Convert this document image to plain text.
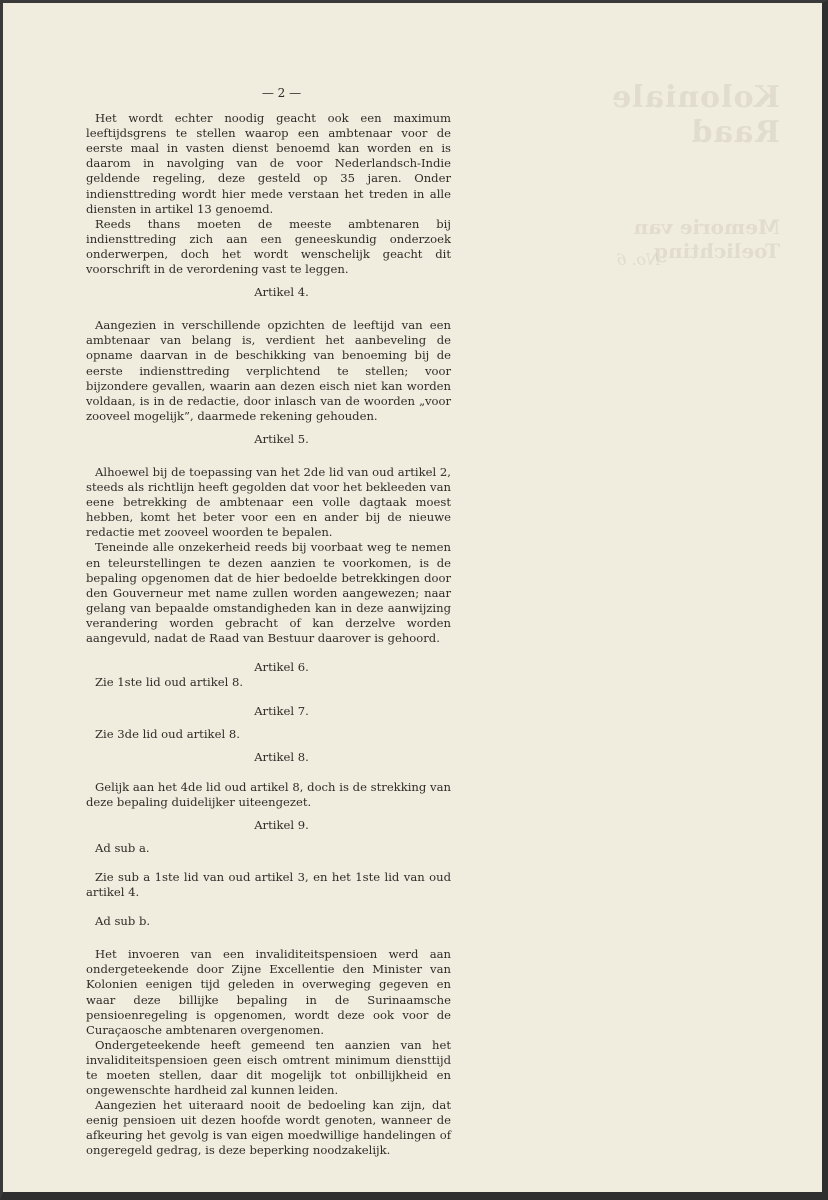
Koloniale Raad
Memorie van Toelichting
No. 6
— 2 —

Het wordt echter noodig geacht ook een maximum leeftijdsgrens te stellen waarop een ambtenaar voor de eerste maal in vasten dienst benoemd kan worden en is daarom in navolging van de voor Nederlandsch-Indie geldende regeling, deze gesteld op 35 jaren. Onder indiensttreding wordt hier mede verstaan het treden in alle diensten in artikel 13 genoemd.

Reeds thans moeten de meeste ambtenaren bij indiensttreding zich aan een geneeskundig onderzoek onderwerpen, doch het wordt wenschelijk geacht dit voorschrift in de verordening vast te leggen.

Artikel 4.

Aangezien in verschillende opzichten de leeftijd van een ambtenaar van belang is, verdient het aanbeveling de opname daarvan in de beschikking van benoeming bij de eerste indiensttreding verplichtend te stellen; voor bijzondere gevallen, waarin aan dezen eisch niet kan worden voldaan, is in de redactie, door inlasch van de woorden „voor zooveel mogelijk”, daarmede rekening gehouden.

Artikel 5.

Alhoewel bij de toepassing van het 2de lid van oud artikel 2, steeds als richtlijn heeft gegolden dat voor het bekleeden van eene betrekking de ambtenaar een volle dagtaak moest hebben, komt het beter voor een en ander bij de nieuwe redactie met zooveel woorden te bepalen.

Teneinde alle onzekerheid reeds bij voorbaat weg te nemen en teleurstellingen te dezen aanzien te voorkomen, is de bepaling opgenomen dat de hier bedoelde betrekkingen door den Gouverneur met name zullen worden aangewezen; naar gelang van bepaalde omstandigheden kan in deze aanwijzing verandering worden gebracht of kan derzelve worden aangevuld, nadat de Raad van Bestuur daarover is gehoord.

Artikel 6.

Zie 1ste lid oud artikel 8.

Artikel 7.

Zie 3de lid oud artikel 8.

Artikel 8.

Gelijk aan het 4de lid oud artikel 8, doch is de strekking van deze bepaling duidelijker uiteengezet.

Artikel 9.

Ad sub a.

Zie sub a 1ste lid van oud artikel 3, en het 1ste lid van oud artikel 4.

Ad sub b.

Het invoeren van een invaliditeitspensioen werd aan ondergeteekende door Zijne Excellentie den Minister van Kolonien eenigen tijd geleden in overweging gegeven en waar deze billijke bepaling in de Surinaamsche pensioenregeling is opgenomen, wordt deze ook voor de Curaçaosche ambtenaren overgenomen.

Ondergeteekende heeft gemeend ten aanzien van het invaliditeitspensioen geen eisch omtrent minimum diensttijd te moeten stellen, daar dit mogelijk tot onbillijkheid en ongewenschte hardheid zal kunnen leiden.

Aangezien het uiteraard nooit de bedoeling kan zijn, dat eenig pensioen uit dezen hoofde wordt genoten, wanneer de afkeuring het gevolg is van eigen moedwillige handelingen of ongeregeld gedrag, is deze beperking noodzakelijk.
